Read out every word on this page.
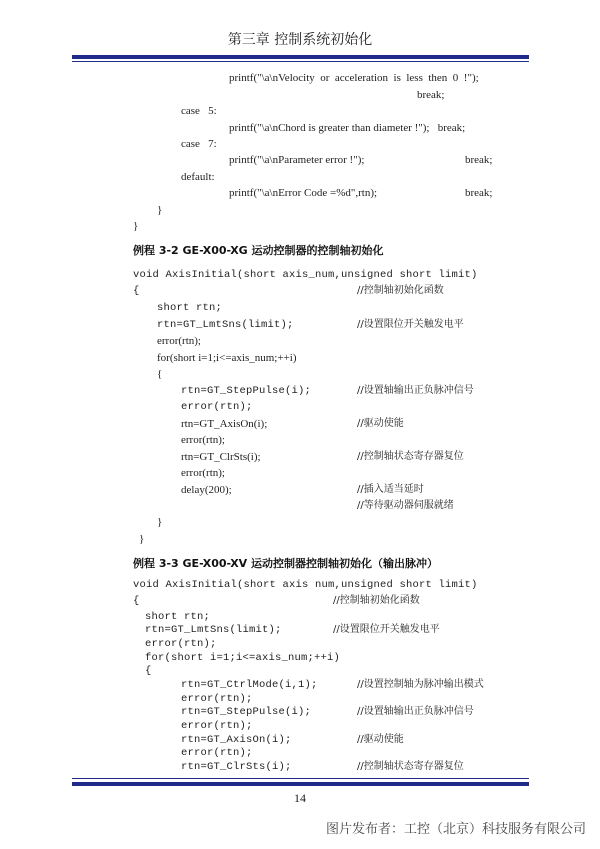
第三章 控制系统初始化
printf("\a\nVelocity  or  acceleration  is  less  then  0  !");
break;
case   5:
printf("\a\nChord is greater than diameter !");   break;
case   7:
printf("\a\nParameter error !");	break;
default:
printf("\a\nError Code =%d",rtn);	break;
}
}
例程 3-2 GE-X00-XG 运动控制器的控制轴初始化
void AxisInitial(short axis_num,unsigned short limit)
{	//控制轴初始化函数
short rtn;
rtn=GT_LmtSns(limit);	//设置限位开关触发电平
error(rtn);
for(short i=1;i<=axis_num;++i)
{
rtn=GT_StepPulse(i);	//设置轴输出正负脉冲信号
error(rtn);
rtn=GT_AxisOn(i);	//驱动使能
error(rtn);
rtn=GT_ClrSts(i);	//控制轴状态寄存器复位
error(rtn);
delay(200);	//插入适当延时
//等待驱动器伺服就绪
}
}
例程 3-3 GE-X00-XV 运动控制器控制轴初始化（输出脉冲）
void AxisInitial(short axis num,unsigned short limit)
{	//控制轴初始化函数
short rtn;
rtn=GT_LmtSns(limit);	//设置限位开关触发电平
error(rtn);
for(short i=1;i<=axis_num;++i)
{
rtn=GT_CtrlMode(i,1);	//设置控制轴为脉冲输出模式
error(rtn);
rtn=GT_StepPulse(i);	//设置轴输出正负脉冲信号
error(rtn);
rtn=GT_AxisOn(i);	//驱动使能
error(rtn);
rtn=GT_ClrSts(i);	//控制轴状态寄存器复位
14
图片发布者：工控（北京）科技服务有限公司
